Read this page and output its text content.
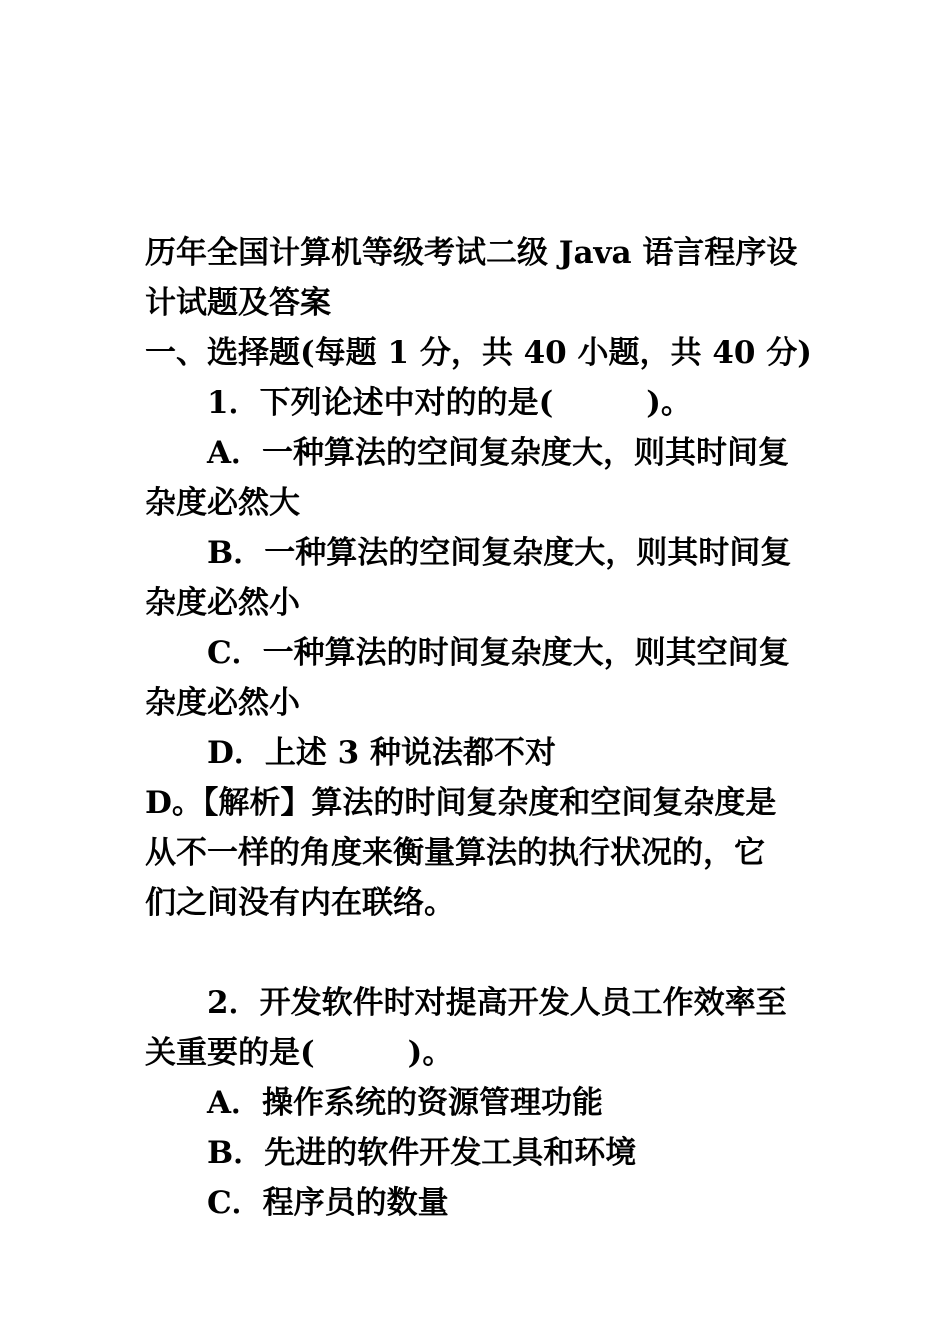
历年全国计算机等级考试二级 Java 语言程序设
计试题及答案
一、选择题(每题 1 分，共 40 小题，共 40 分)
1．下列论述中对的的是(　　　)。
A．一种算法的空间复杂度大，则其时间复
杂度必然大
B．一种算法的空间复杂度大，则其时间复
杂度必然小
C．一种算法的时间复杂度大，则其空间复
杂度必然小
D．上述 3 种说法都不对
D。【解析】算法的时间复杂度和空间复杂度是
从不一样的角度来衡量算法的执行状况的，它
们之间没有内在联络。
2．开发软件时对提高开发人员工作效率至
关重要的是(　　　)。
A．操作系统的资源管理功能
B．先进的软件开发工具和环境
C．程序员的数量
